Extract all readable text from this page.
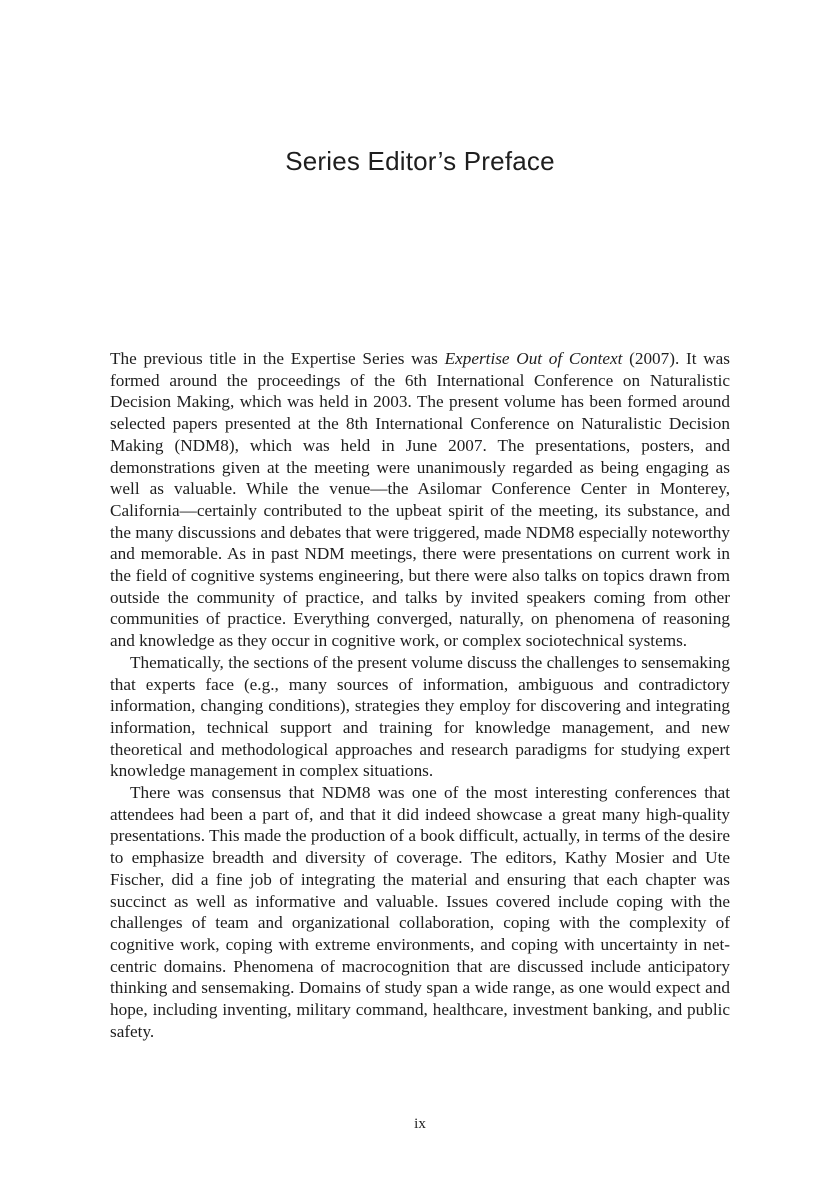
Series Editor’s Preface

The previous title in the Expertise Series was Expertise Out of Context (2007). It was formed around the proceedings of the 6th International Conference on Naturalistic Decision Making, which was held in 2003. The present volume has been formed around selected papers presented at the 8th International Conference on Naturalistic Decision Making (NDM8), which was held in June 2007. The presentations, posters, and demonstrations given at the meeting were unanimously regarded as being engaging as well as valuable. While the venue—the Asilomar Conference Center in Monterey, California—certainly contributed to the upbeat spirit of the meeting, its substance, and the many discussions and debates that were triggered, made NDM8 especially noteworthy and memorable. As in past NDM meetings, there were presentations on current work in the field of cognitive systems engineering, but there were also talks on topics drawn from outside the community of practice, and talks by invited speakers coming from other communities of practice. Everything converged, naturally, on phenomena of reasoning and knowledge as they occur in cognitive work, or complex sociotechnical systems.

Thematically, the sections of the present volume discuss the challenges to sensemaking that experts face (e.g., many sources of information, ambiguous and contradictory information, changing conditions), strategies they employ for discovering and integrating information, technical support and training for knowledge management, and new theoretical and methodological approaches and research paradigms for studying expert knowledge management in complex situations.

There was consensus that NDM8 was one of the most interesting conferences that attendees had been a part of, and that it did indeed showcase a great many high-quality presentations. This made the production of a book difficult, actually, in terms of the desire to emphasize breadth and diversity of coverage. The editors, Kathy Mosier and Ute Fischer, did a fine job of integrating the material and ensuring that each chapter was succinct as well as informative and valuable. Issues covered include coping with the challenges of team and organizational collaboration, coping with the complexity of cognitive work, coping with extreme environments, and coping with uncertainty in net-centric domains. Phenomena of macrocognition that are discussed include anticipatory thinking and sensemaking. Domains of study span a wide range, as one would expect and hope, including inventing, military command, healthcare, investment banking, and public safety.

ix
